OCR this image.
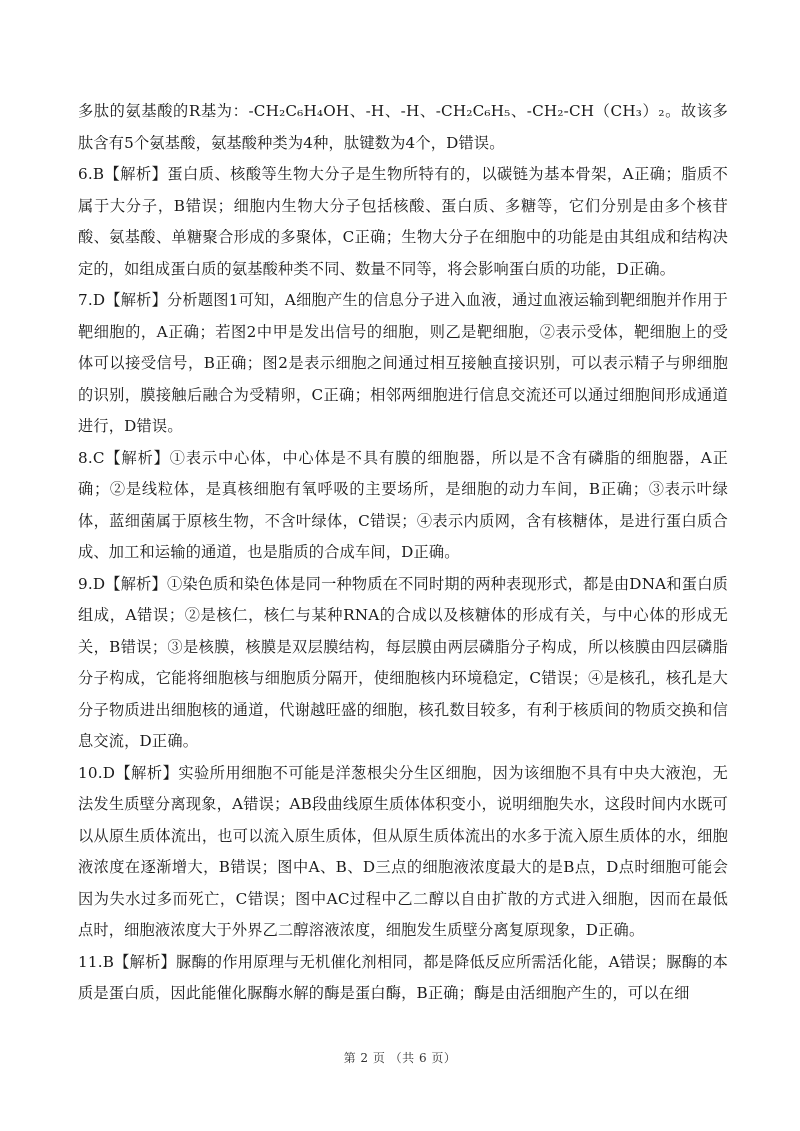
多肽的氨基酸的R基为：-CH₂C₆H₄OH、-H、-H、-CH₂C₆H₅、-CH₂-CH（CH₃）₂。故该多肽含有5个氨基酸，氨基酸种类为4种，肽键数为4个，D错误。

6.B【解析】蛋白质、核酸等生物大分子是生物所特有的，以碳链为基本骨架，A正确；脂质不属于大分子，B错误；细胞内生物大分子包括核酸、蛋白质、多糖等，它们分别是由多个核苷酸、氨基酸、单糖聚合形成的多聚体，C正确；生物大分子在细胞中的功能是由其组成和结构决定的，如组成蛋白质的氨基酸种类不同、数量不同等，将会影响蛋白质的功能，D正确。

7.D【解析】分析题图1可知，A细胞产生的信息分子进入血液，通过血液运输到靶细胞并作用于靶细胞的，A正确；若图2中甲是发出信号的细胞，则乙是靶细胞，②表示受体，靶细胞上的受体可以接受信号，B正确；图2是表示细胞之间通过相互接触直接识别，可以表示精子与卵细胞的识别，膜接触后融合为受精卵，C正确；相邻两细胞进行信息交流还可以通过细胞间形成通道进行，D错误。

8.C【解析】①表示中心体，中心体是不具有膜的细胞器，所以是不含有磷脂的细胞器，A正确；②是线粒体，是真核细胞有氧呼吸的主要场所，是细胞的动力车间，B正确；③表示叶绿体，蓝细菌属于原核生物，不含叶绿体，C错误；④表示内质网，含有核糖体，是进行蛋白质合成、加工和运输的通道，也是脂质的合成车间，D正确。

9.D【解析】①染色质和染色体是同一种物质在不同时期的两种表现形式，都是由DNA和蛋白质组成，A错误；②是核仁，核仁与某种RNA的合成以及核糖体的形成有关，与中心体的形成无关，B错误；③是核膜，核膜是双层膜结构，每层膜由两层磷脂分子构成，所以核膜由四层磷脂分子构成，它能将细胞核与细胞质分隔开，使细胞核内环境稳定，C错误；④是核孔，核孔是大分子物质进出细胞核的通道，代谢越旺盛的细胞，核孔数目较多，有利于核质间的物质交换和信息交流，D正确。

10.D【解析】实验所用细胞不可能是洋葱根尖分生区细胞，因为该细胞不具有中央大液泡，无法发生质壁分离现象，A错误；AB段曲线原生质体体积变小，说明细胞失水，这段时间内水既可以从原生质体流出，也可以流入原生质体，但从原生质体流出的水多于流入原生质体的水，细胞液浓度在逐渐增大，B错误；图中A、B、D三点的细胞液浓度最大的是B点，D点时细胞可能会因为失水过多而死亡，C错误；图中AC过程中乙二醇以自由扩散的方式进入细胞，因而在最低点时，细胞液浓度大于外界乙二醇溶液浓度，细胞发生质壁分离复原现象，D正确。

11.B【解析】脲酶的作用原理与无机催化剂相同，都是降低反应所需活化能，A错误；脲酶的本质是蛋白质，因此能催化脲酶水解的酶是蛋白酶，B正确；酶是由活细胞产生的，可以在细

第 2 页 （共 6 页）
